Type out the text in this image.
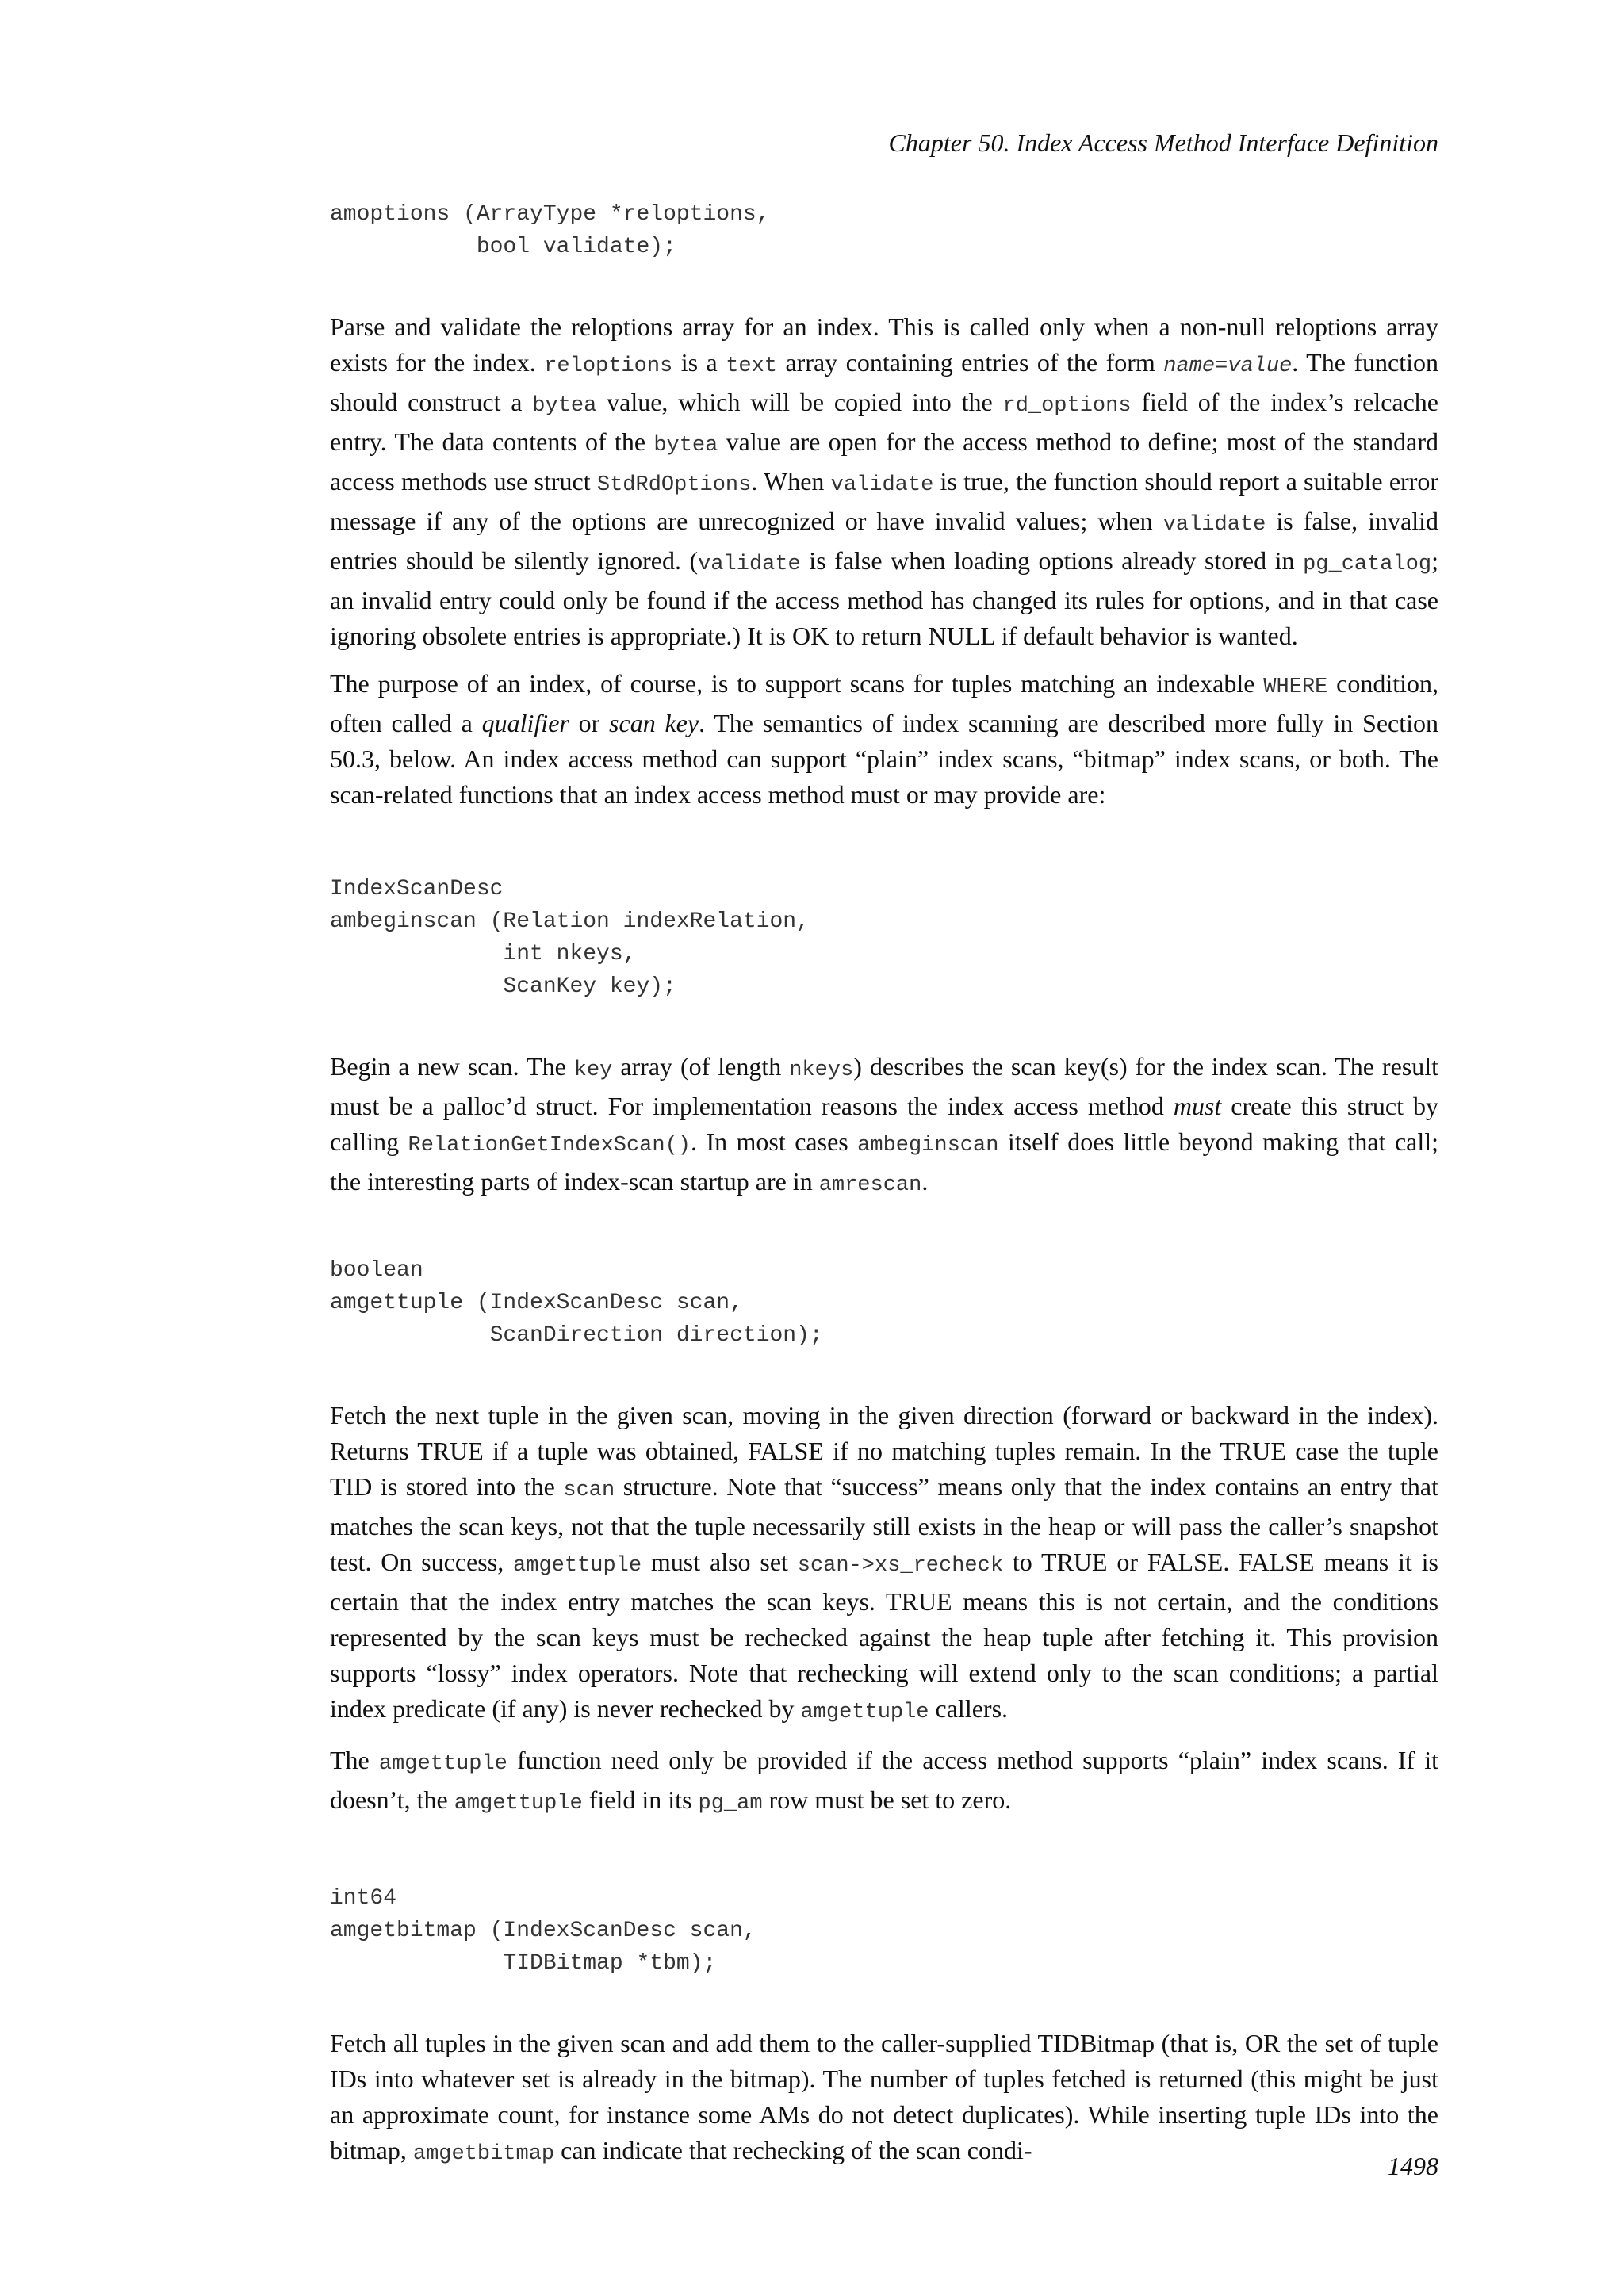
Chapter 50. Index Access Method Interface Definition
amoptions (ArrayType *reloptions,
bool validate);

Parse and validate the reloptions array for an index. This is called only when a non-null reloptions array exists for the index. reloptions is a text array containing entries of the form name=value. The function should construct a bytea value, which will be copied into the rd_options field of the index’s relcache entry. The data contents of the bytea value are open for the access method to define; most of the standard access methods use struct StdRdOptions. When validate is true, the function should report a suitable error message if any of the options are unrecognized or have invalid values; when validate is false, invalid entries should be silently ignored. (validate is false when loading options already stored in pg_catalog; an invalid entry could only be found if the access method has changed its rules for options, and in that case ignoring obsolete entries is appropriate.) It is OK to return NULL if default behavior is wanted.

The purpose of an index, of course, is to support scans for tuples matching an indexable WHERE condition, often called a qualifier or scan key. The semantics of index scanning are described more fully in Section 50.3, below. An index access method can support “plain” index scans, “bitmap” index scans, or both. The scan-related functions that an index access method must or may provide are:

IndexScanDesc
ambeginscan (Relation indexRelation,
int nkeys,
ScanKey key);

Begin a new scan. The key array (of length nkeys) describes the scan key(s) for the index scan. The result must be a palloc’d struct. For implementation reasons the index access method must create this struct by calling RelationGetIndexScan(). In most cases ambeginscan itself does little beyond making that call; the interesting parts of index-scan startup are in amrescan.

boolean
amgettuple (IndexScanDesc scan,
ScanDirection direction);

Fetch the next tuple in the given scan, moving in the given direction (forward or backward in the index). Returns TRUE if a tuple was obtained, FALSE if no matching tuples remain. In the TRUE case the tuple TID is stored into the scan structure. Note that “success” means only that the index contains an entry that matches the scan keys, not that the tuple necessarily still exists in the heap or will pass the caller’s snapshot test. On success, amgettuple must also set scan->xs_recheck to TRUE or FALSE. FALSE means it is certain that the index entry matches the scan keys. TRUE means this is not certain, and the conditions represented by the scan keys must be rechecked against the heap tuple after fetching it. This provision supports “lossy” index operators. Note that rechecking will extend only to the scan conditions; a partial index predicate (if any) is never rechecked by amgettuple callers.

The amgettuple function need only be provided if the access method supports “plain” index scans. If it doesn’t, the amgettuple field in its pg_am row must be set to zero.

int64
amgetbitmap (IndexScanDesc scan,
TIDBitmap *tbm);

Fetch all tuples in the given scan and add them to the caller-supplied TIDBitmap (that is, OR the set of tuple IDs into whatever set is already in the bitmap). The number of tuples fetched is returned (this might be just an approximate count, for instance some AMs do not detect duplicates). While inserting tuple IDs into the bitmap, amgetbitmap can indicate that rechecking of the scan condi-

1498
